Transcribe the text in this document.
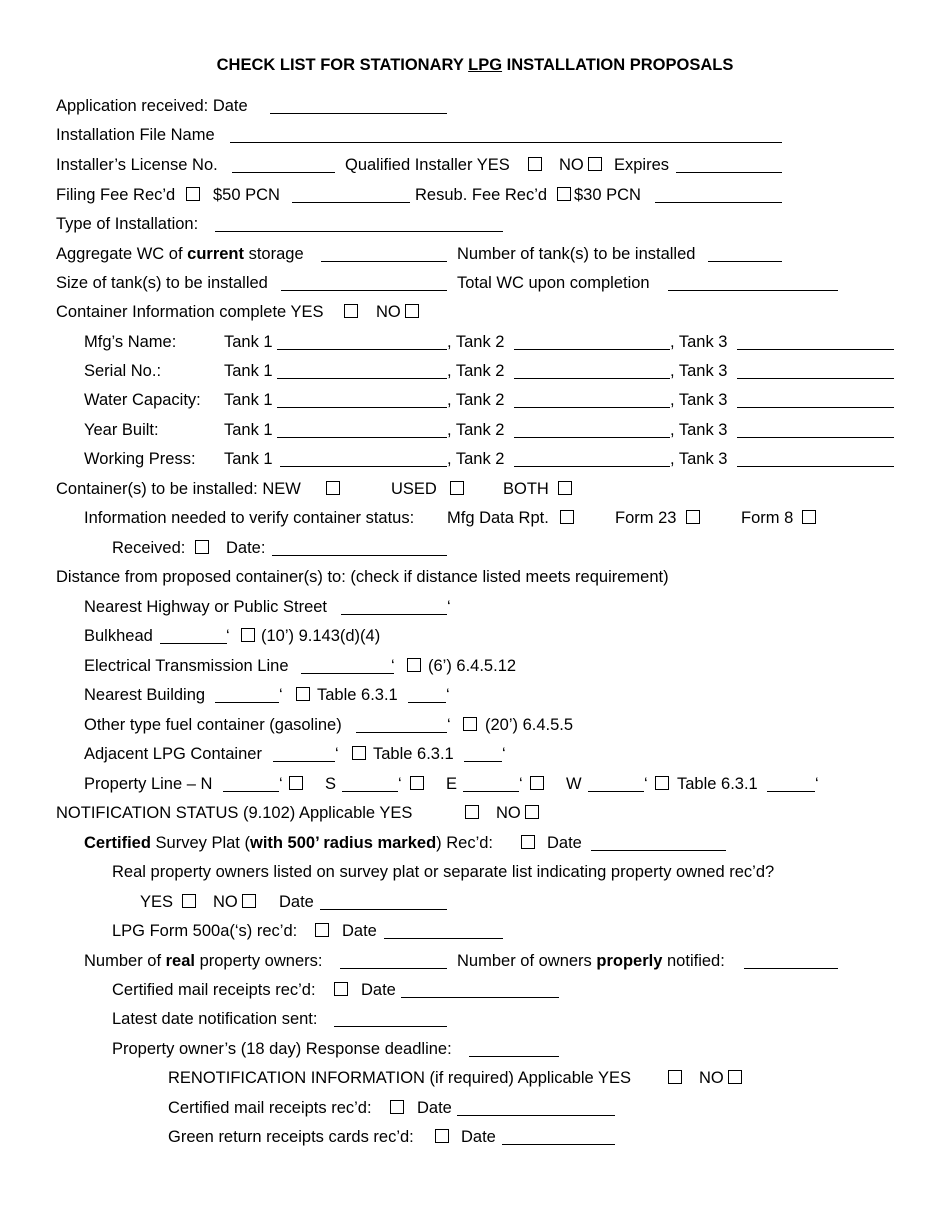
CHECK LIST FOR STATIONARY LPG INSTALLATION PROPOSALS
Application received: Date
Installation File Name
Installer’s License No.	Qualified Installer YES	NO Expires
Filing Fee Rec’d $50 PCN	Resub. Fee Rec’d $30 PCN
Type of Installation:
Aggregate WC of current storage	Number of tank(s) to be installed
Size of tank(s) to be installed	Total WC upon completion
Container Information complete YES	NO
Mfg’s Name:	Tank 1	, Tank 2	, Tank 3
Serial No.:	Tank 1	, Tank 2	, Tank 3
Water Capacity: Tank 1	, Tank 2	, Tank 3
Year Built:	Tank 1	, Tank 2	, Tank 3
Working Press: Tank 1	, Tank 2	, Tank 3
Container(s) to be installed: NEW	USED	BOTH
Information needed to verify container status: Mfg Data Rpt.	Form 23	Form 8
Received: Date:
Distance from proposed container(s) to: (check if distance listed meets requirement)
Nearest Highway or Public Street	‘
Bulkhead	‘ (10’) 9.143(d)(4)
Electrical Transmission Line	‘ (6’) 6.4.5.12
Nearest Building	‘ Table 6.3.1	‘
Other type fuel container (gasoline)	‘ (20’) 6.4.5.5
Adjacent LPG Container	‘ Table 6.3.1	‘
Property Line – N	‘	S	‘	E	‘	W	‘ Table 6.3.1	‘
NOTIFICATION STATUS (9.102) Applicable YES	NO
Certified Survey Plat (with 500’ radius marked) Rec’d:	Date
Real property owners listed on survey plat or separate list indicating property owned rec’d?
YES NO	Date
LPG Form 500a(‘s) rec’d:	Date
Number of real property owners:	Number of owners properly notified:
Certified mail receipts rec’d:	Date
Latest date notification sent:
Property owner’s (18 day) Response deadline:
RENOTIFICATION INFORMATION (if required) Applicable YES	NO
Certified mail receipts rec’d:	Date
Green return receipts cards rec’d:	Date
